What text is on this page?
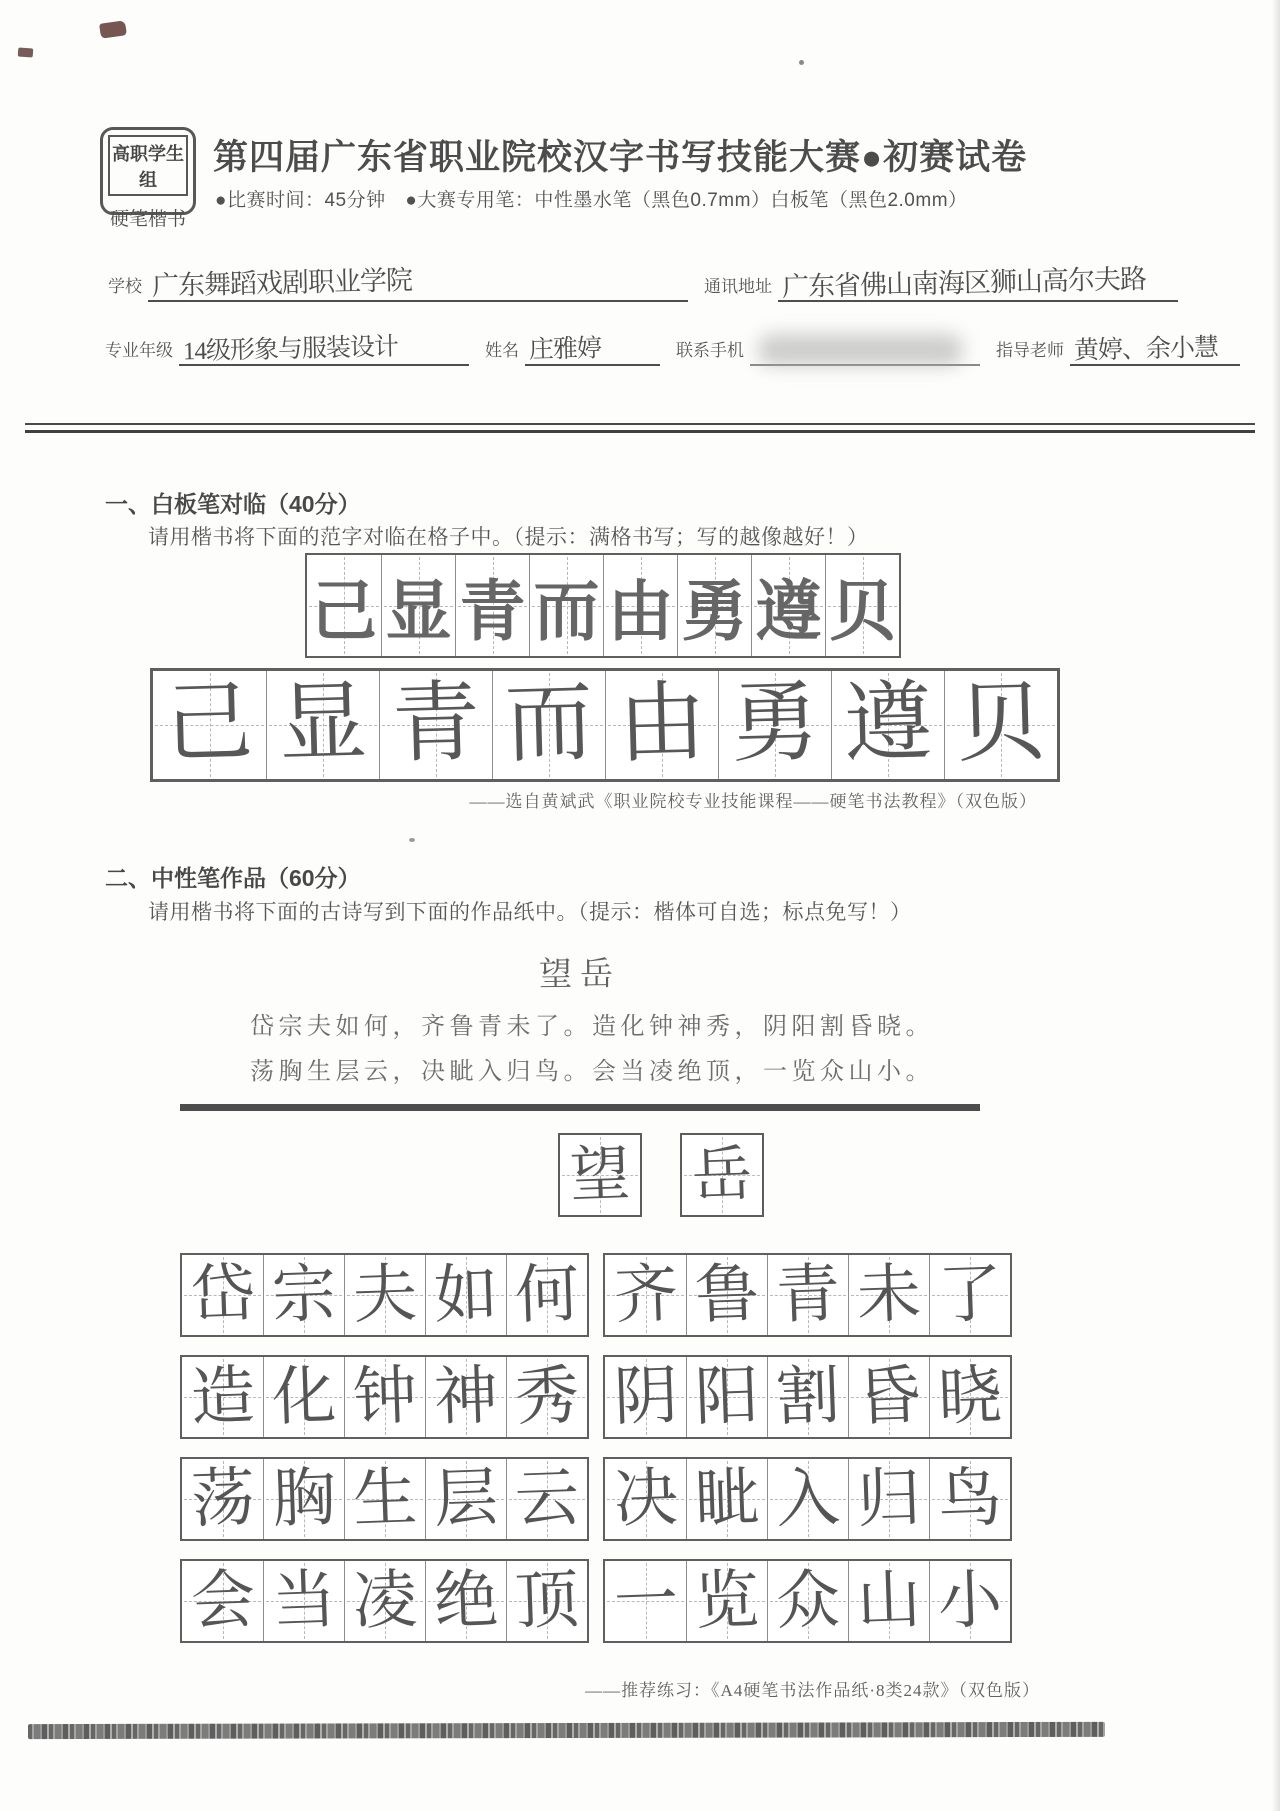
高职学生组
硬笔楷书
第四届广东省职业院校汉字书写技能大赛●初赛试卷
●比赛时间：45分钟 ●大赛专用笔：中性墨水笔（黑色0.7mm）白板笔（黑色2.0mm）
学校 广东舞蹈戏剧职业学院	通讯地址 广东省佛山南海区狮山高尔夫路
专业年级 14级形象与服装设计	姓名 庄雅婷	联系手机	指导老师 黄婷、余小慧
一、白板笔对临（40分）
请用楷书将下面的范字对临在格子中。（提示：满格书写；写的越像越好！）
己 显 青 而 由 勇 遵 贝
己 显 青 而 由 勇 遵 贝
——选自黄斌武《职业院校专业技能课程——硬笔书法教程》（双色版）
二、中性笔作品（60分）
请用楷书将下面的古诗写到下面的作品纸中。（提示：楷体可自选；标点免写！）
望岳
岱宗夫如何，齐鲁青未了。造化钟神秀，阴阳割昏晓。
荡胸生层云，决眦入归鸟。会当凌绝顶，一览众山小。
望 岳
岱 宗 夫 如 何 齐 鲁 青 未 了
造 化 钟 神 秀 阴 阳 割 昏 晓
荡 胸 生 层 云 决 眦 入 归 鸟
会 当 凌 绝 顶 一 览 众 山 小
——推荐练习：《A4硬笔书法作品纸·8类24款》（双色版）
